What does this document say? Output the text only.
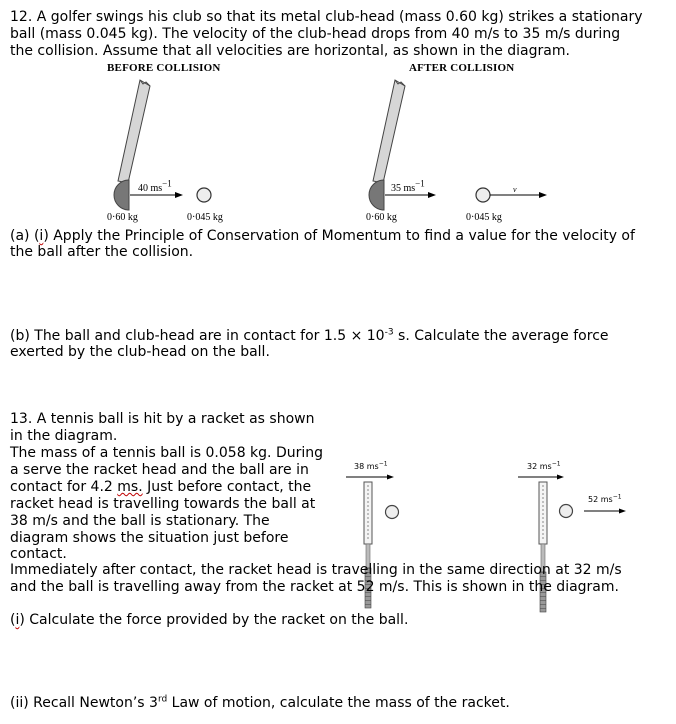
12. A golfer swings his club so that its metal club-head (mass 0.60 kg) strikes a stationary

ball (mass 0.045 kg). The velocity of the club-head drops from 40 m/s to 35 m/s during

the collision. Assume that all velocities are horizontal, as shown in the diagram.

BEFORE COLLISION	AFTER COLLISION
40 $ms^{-1}$	35 $ms^{-1}$
v
0·60 kg	0·045 kg	0·60 kg	0·045 kg

(a) (i) Apply the Principle of Conservation of Momentum to find a value for the velocity of

the ball after the collision.

(b) The ball and club-head are in contact for $1.5 \times 10^{-3}$ s. Calculate the average force

exerted by the club-head on the ball.

13. A tennis ball is hit by a racket as shown

in the diagram.

The mass of a tennis ball is 0.058 kg. During

a serve the racket head and the ball are in

contact for 4.2 ms. Just before contact, the

racket head is travelling towards the ball at

38 m/s and the ball is stationary. The

diagram shows the situation just before

contact.

38 $ms^{-1}$	32 $ms^{-1}$
52 $ms^{-1}$

Immediately after contact, the racket head is travelling in the same direction at 32 m/s

and the ball is travelling away from the racket at 52 m/s. This is shown in the diagram.

(i) Calculate the force provided by the racket on the ball.

(ii) Recall Newton’s 3rd Law of motion, calculate the mass of the racket.
